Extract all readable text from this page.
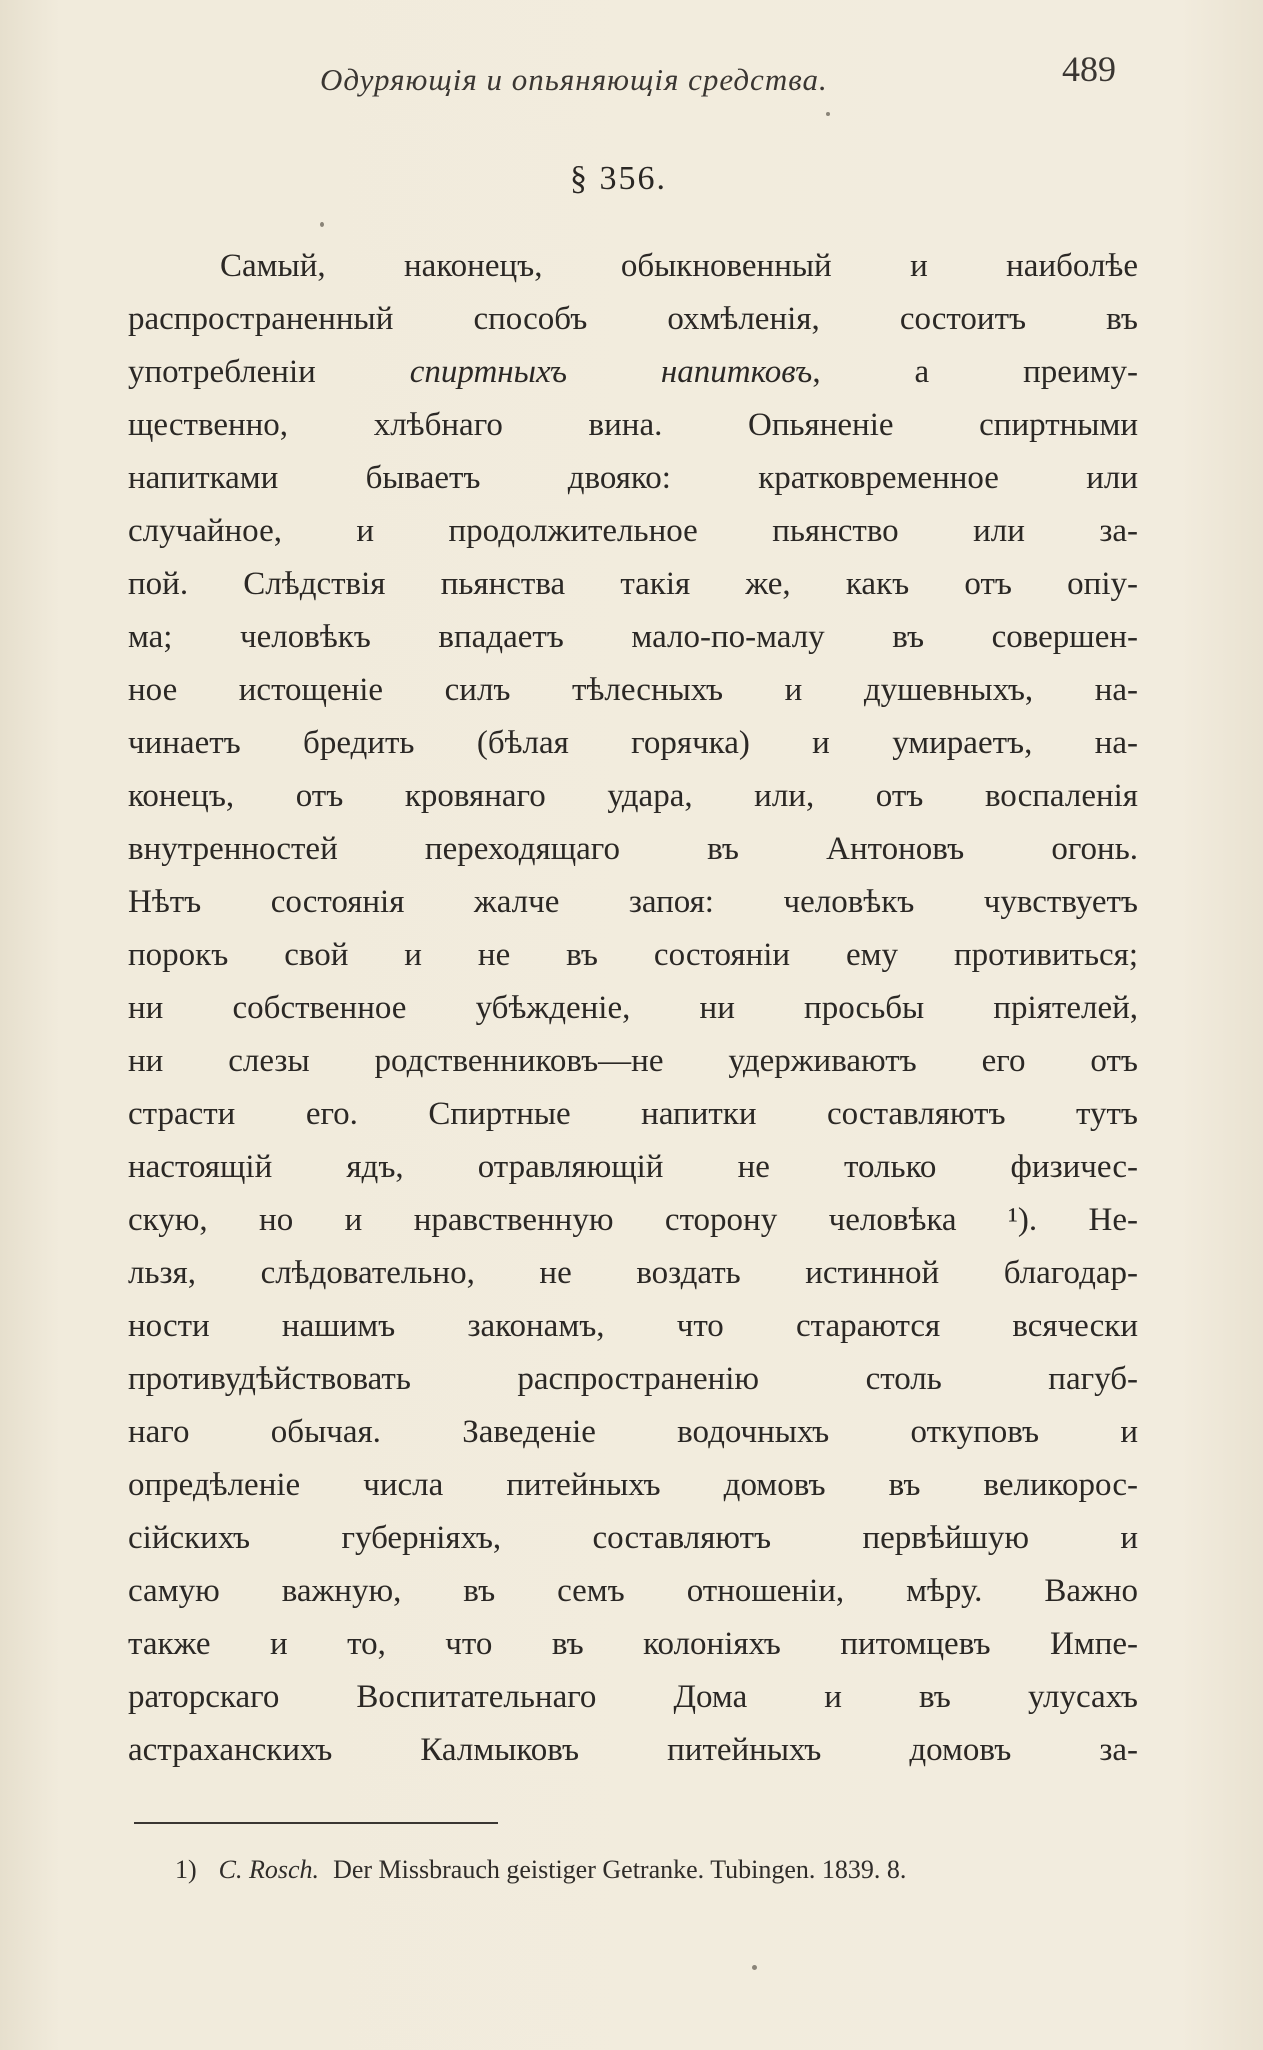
Одуряющія и опьяняющія средства.	489
§ 356.
Самый, наконецъ, обыкновенный и наиболѣе
распространенный способъ охмѣленія, состоитъ въ
употребленіи спиртныхъ напитковъ, а преиму-
щественно, хлѣбнаго вина. Опьяненіе спиртными
напитками бываетъ двояко: кратковременное или
случайное, и продолжительное пьянство или за-
пой. Слѣдствія пьянства такія же, какъ отъ опіу-
ма; человѣкъ впадаетъ мало-по-малу въ совершен-
ное истощеніе силъ тѣлесныхъ и душевныхъ, на-
чинаетъ бредить (бѣлая горячка) и умираетъ, на-
конецъ, отъ кровянаго удара, или, отъ воспаленія
внутренностей переходящаго въ Антоновъ огонь.
Нѣтъ состоянія жалче запоя: человѣкъ чувствуетъ
порокъ свой и не въ состояніи ему противиться;
ни собственное убѣжденіе, ни просьбы пріятелей,
ни слезы родственниковъ—не удерживаютъ его отъ
страсти его. Спиртные напитки составляютъ тутъ
настоящій ядъ, отравляющій не только физичес-
скую, но и нравственную сторону человѣка ¹). Не-
льзя, слѣдовательно, не воздать истинной благодар-
ности нашимъ законамъ, что стараются всячески
противудѣйствовать распространенію столь пагуб-
наго обычая. Заведеніе водочныхъ откуповъ и
опредѣленіе числа питейныхъ домовъ въ великорос-
сійскихъ губерніяхъ, составляютъ первѣйшую и
самую важную, въ семъ отношеніи, мѣру. Важно
также и то, что въ колоніяхъ питомцевъ Импе-
раторскаго Воспитательнаго Дома и въ улусахъ
астраханскихъ Калмыковъ питейныхъ домовъ за-
1) C. Rosch. Der Missbrauch geistiger Getranke. Tubingen. 1839. 8.
